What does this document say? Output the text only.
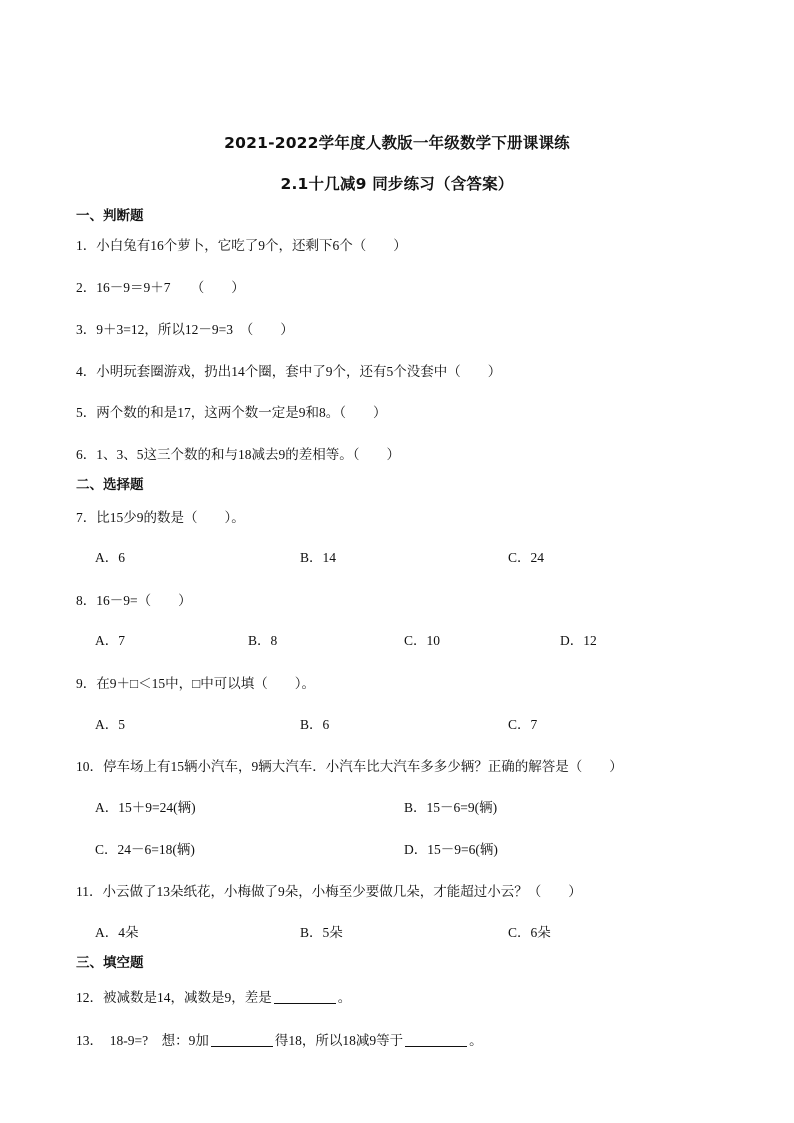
2021-2022学年度人教版一年级数学下册课课练
2.1十几减9 同步练习（含答案）
一、判断题
1．小白兔有16个萝卜，它吃了9个，还剩下6个（　　）
2．16－9＝9＋7　　（　　）
3．9＋3=12，所以12－9=3　（　　）
4．小明玩套圈游戏，扔出14个圈，套中了9个，还有5个没套中（　　）
5．两个数的和是17，这两个数一定是9和8。（　　）
6．1、3、5这三个数的和与18减去9的差相等。（　　）
二、选择题
7．比15少9的数是（　　）。
A．6	B．14	C．24
8．16－9=（　　）
A．7	B．8	C．10	D．12
9．在9＋□＜15中，□中可以填（　　）。
A．5	B．6	C．7
10．停车场上有15辆小汽车，9辆大汽车．小汽车比大汽车多多少辆？正确的解答是（　　）
A．15＋9=24(辆)	B．15－6=9(辆)
C．24－6=18(辆)	D．15－9=6(辆)
11．小云做了13朵纸花，小梅做了9朵，小梅至少要做几朵，才能超过小云？（　　）
A．4朵	B．5朵	C．6朵
三、填空题
12．被减数是14，减数是9，差是	。
13．　18-9=?　想：9加	得18，所以18减9等于	。
